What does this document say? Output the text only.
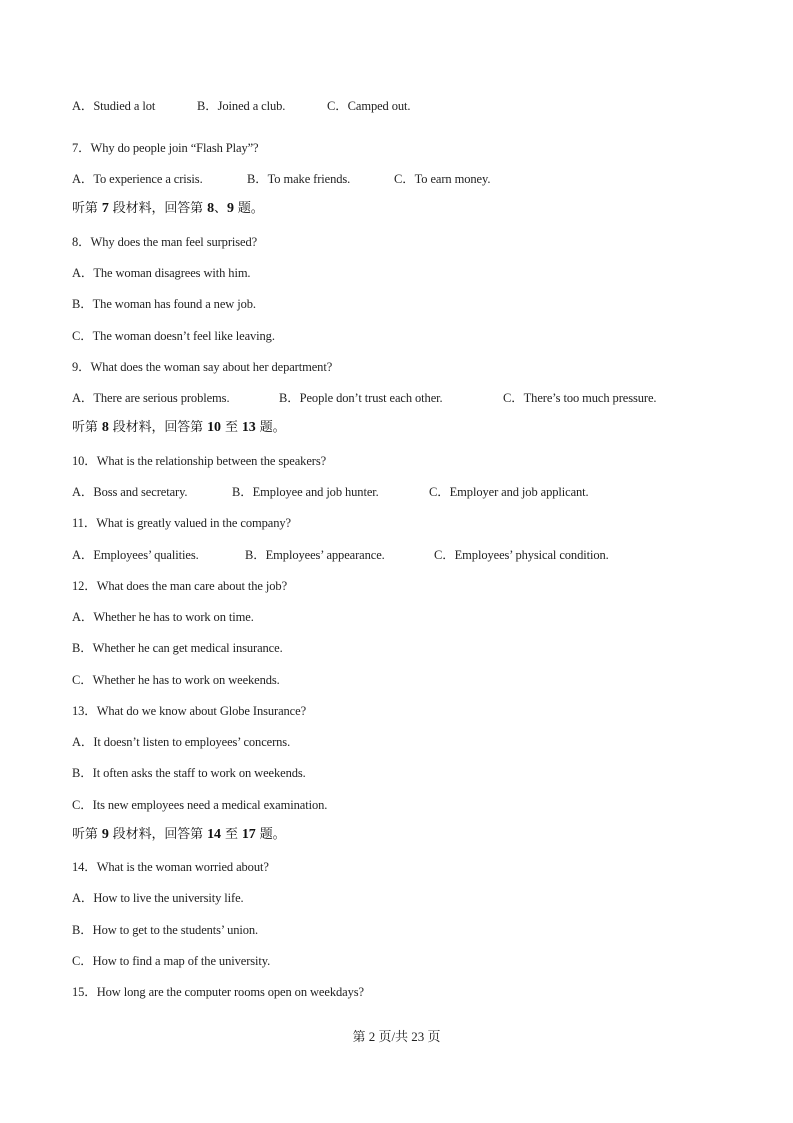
A．Studied a lot	B．Joined a club.	C．Camped out.
7．Why do people join “Flash Play”?
A．To experience a crisis.	B．To make friends.	C．To earn money.
听第 7 段材料，回答第 8、9 题。
8．Why does the man feel surprised?
A．The woman disagrees with him.
B．The woman has found a new job.
C．The woman doesn’t feel like leaving.
9．What does the woman say about her department?
A．There are serious problems.	B．People don’t trust each other.	C．There’s too much pressure.
听第 8 段材料，回答第 10 至 13 题。
10．What is the relationship between the speakers?
A．Boss and secretary.	B．Employee and job hunter.	C．Employer and job applicant.
11．What is greatly valued in the company?
A．Employees’ qualities.	B．Employees’ appearance.	C．Employees’ physical condition.
12．What does the man care about the job?
A．Whether he has to work on time.
B．Whether he can get medical insurance.
C．Whether he has to work on weekends.
13．What do we know about Globe Insurance?
A．It doesn’t listen to employees’ concerns.
B．It often asks the staff to work on weekends.
C．Its new employees need a medical examination.
听第 9 段材料，回答第 14 至 17 题。
14．What is the woman worried about?
A．How to live the university life.
B．How to get to the students’ union.
C．How to find a map of the university.
15．How long are the computer rooms open on weekdays?
第 2 页/共 23 页
